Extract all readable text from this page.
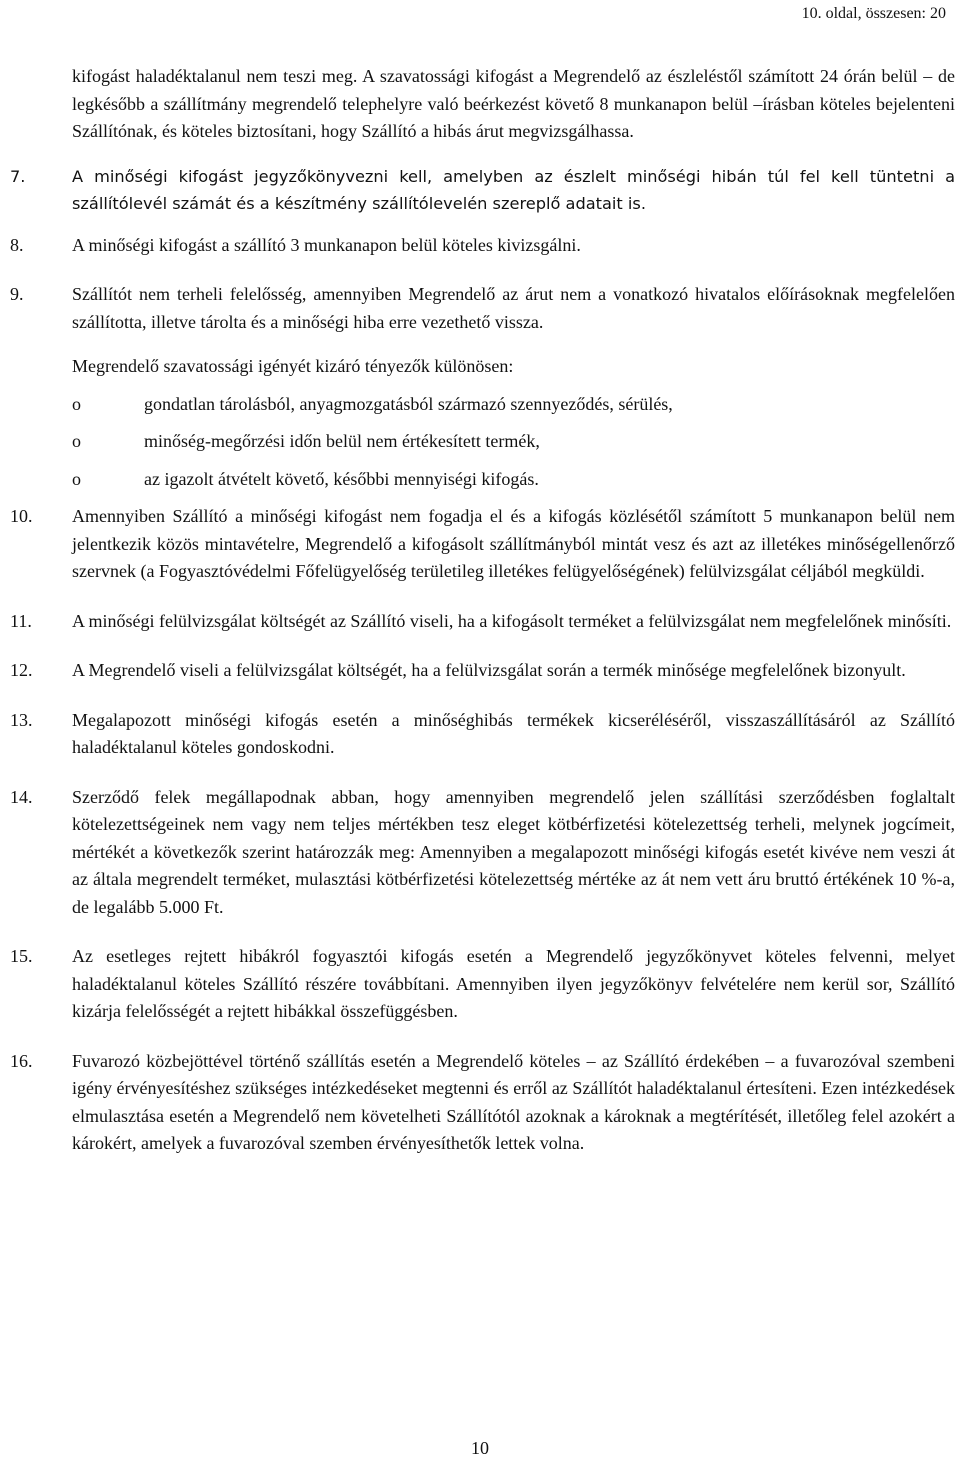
10. oldal, összesen: 20

kifogást haladéktalanul nem teszi meg. A szavatossági kifogást a Megrendelő az észleléstől számított 24 órán belül – de legkésőbb a szállítmány megrendelő telephelyre való beérkezést követő 8 munkanapon belül –írásban köteles bejelenteni Szállítónak, és köteles biztosítani, hogy Szállító a hibás árut megvizsgálhassa.

7.	A minőségi kifogást jegyzőkönyvezni kell, amelyben az észlelt minőségi hibán túl fel kell tüntetni a szállítólevél számát és a készítmény szállítólevelén szereplő adatait is.
8.	A minőségi kifogást a szállító 3 munkanapon belül köteles kivizsgálni.
9.	Szállítót nem terheli felelősség, amennyiben Megrendelő az árut nem a vonatkozó hivatalos előírásoknak megfelelően szállította, illetve tárolta és a minőségi hiba erre vezethető vissza.

Megrendelő szavatossági igényét kizáró tényezők különösen:

o	gondatlan tárolásból, anyagmozgatásból származó szennyeződés, sérülés,
o	minőség-megőrzési időn belül nem értékesített termék,
o	az igazolt átvételt követő, későbbi mennyiségi kifogás.
10. Amennyiben Szállító a minőségi kifogást nem fogadja el és a kifogás közlésétől számított 5 munkanapon belül nem jelentkezik közös mintavételre, Megrendelő a kifogásolt szállítmányból mintát vesz és azt az illetékes minőségellenőrző szervnek (a Fogyasztóvédelmi Főfelügyelőség területileg illetékes felügyelőségének) felülvizsgálat céljából megküldi.
11. A minőségi felülvizsgálat költségét az Szállító viseli, ha a kifogásolt terméket a felülvizsgálat nem megfelelőnek minősíti.
12. A Megrendelő viseli a felülvizsgálat költségét, ha a felülvizsgálat során a termék minősége megfelelőnek bizonyult.
13. Megalapozott minőségi kifogás esetén a minőséghibás termékek kicseréléséről, visszaszállításáról az Szállító haladéktalanul köteles gondoskodni.
14. Szerződő felek megállapodnak abban, hogy amennyiben megrendelő jelen szállítási szerződésben foglaltalt kötelezettségeinek nem vagy nem teljes mértékben tesz eleget kötbérfizetési kötelezettség terheli, melynek jogcímeit, mértékét a következők szerint határozzák meg: Amennyiben a megalapozott minőségi kifogás esetét kivéve nem veszi át az általa megrendelt terméket, mulasztási kötbérfizetési kötelezettség mértéke az át nem vett áru bruttó értékének 10 %-a, de legalább 5.000 Ft.
15. Az esetleges rejtett hibákról fogyasztói kifogás esetén a Megrendelő jegyzőkönyvet köteles felvenni, melyet haladéktalanul köteles Szállító részére továbbítani. Amennyiben ilyen jegyzőkönyv felvételére nem kerül sor, Szállító kizárja felelősségét a rejtett hibákkal összefüggésben.
16. Fuvarozó közbejöttével történő szállítás esetén a Megrendelő köteles – az Szállító érdekében – a fuvarozóval szembeni igény érvényesítéshez szükséges intézkedéseket megtenni és erről az Szállítót haladéktalanul értesíteni. Ezen intézkedések elmulasztása esetén a Megrendelő nem követelheti Szállítótól azoknak a károknak a megtérítését, illetőleg felel azokért a károkért, amelyek a fuvarozóval szemben érvényesíthetők lettek volna.
10
